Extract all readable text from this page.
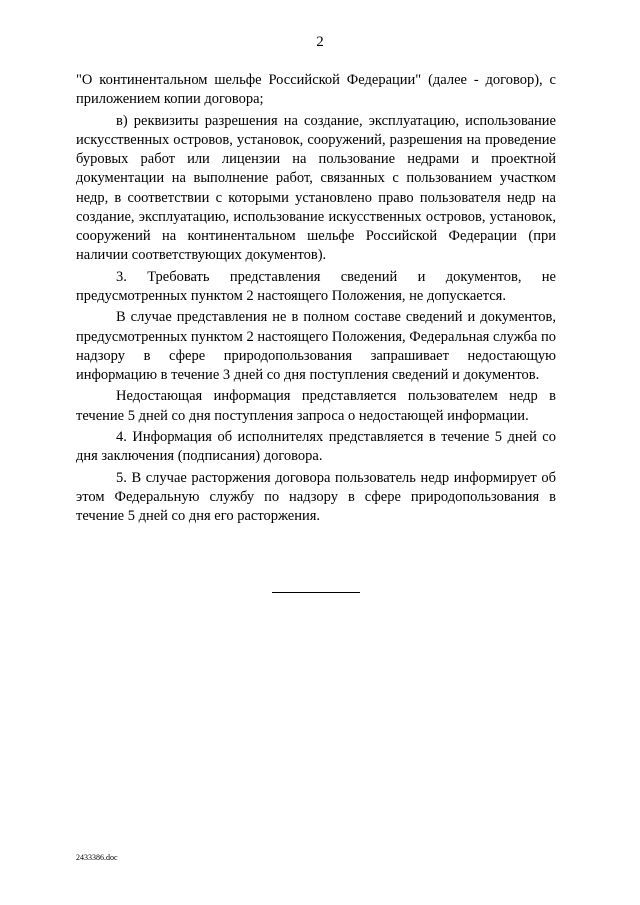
2

"О континентальном шельфе Российской Федерации" (далее - договор), с приложением копии договора;

в) реквизиты разрешения на создание, эксплуатацию, использование искусственных островов, установок, сооружений, разрешения на проведение буровых работ или лицензии на пользование недрами и проектной документации на выполнение работ, связанных с пользованием участком недр, в соответствии с которыми установлено право пользователя недр на создание, эксплуатацию, использование искусственных островов, установок, сооружений на континентальном шельфе Российской Федерации (при наличии соответствующих документов).

3. Требовать представления сведений и документов, не предусмотренных пунктом 2 настоящего Положения, не допускается.

В случае представления не в полном составе сведений и документов, предусмотренных пунктом 2 настоящего Положения, Федеральная служба по надзору в сфере природопользования запрашивает недостающую информацию в течение 3 дней со дня поступления сведений и документов.

Недостающая информация представляется пользователем недр в течение 5 дней со дня поступления запроса о недостающей информации.

4. Информация об исполнителях представляется в течение 5 дней со дня заключения (подписания) договора.

5. В случае расторжения договора пользователь недр информирует об этом Федеральную службу по надзору в сфере природопользования в течение 5 дней со дня его расторжения.

2433386.doc
